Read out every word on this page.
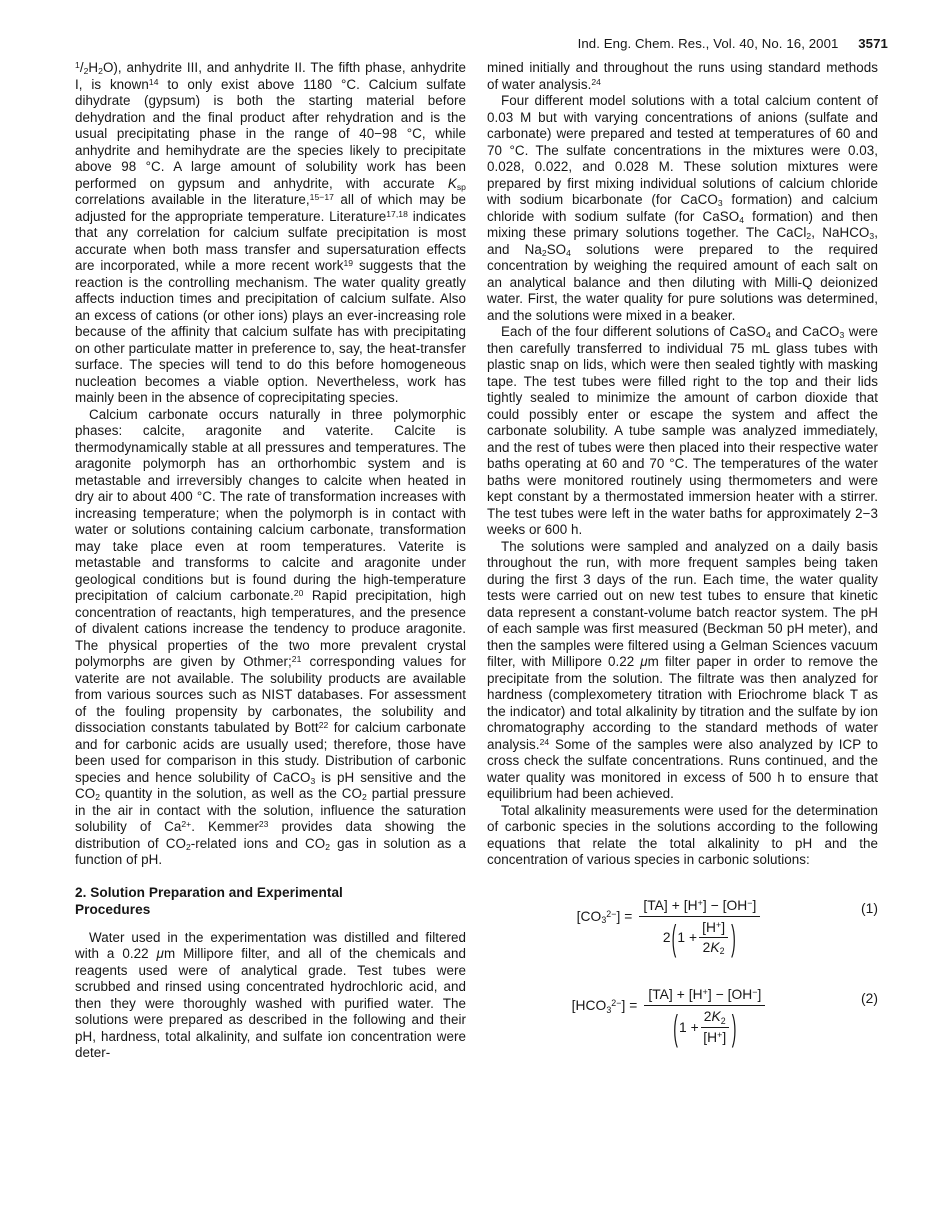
Ind. Eng. Chem. Res., Vol. 40, No. 16, 2001 3571

$^1/_2H_2O$), anhydrite III, and anhydrite II. The fifth phase, anhydrite I, is known$^{14}$ to only exist above 1180 °C. Calcium sulfate dihydrate (gypsum) is both the starting material before dehydration and the final product after rehydration and is the usual precipitating phase in the range of 40−98 °C, while anhydrite and hemihydrate are the species likely to precipitate above 98 °C. A large amount of solubility work has been performed on gypsum and anhydrite, with accurate $K_{sp}$ correlations available in the literature,$^{15-17}$ all of which may be adjusted for the appropriate temperature. Literature$^{17,18}$ indicates that any correlation for calcium sulfate precipitation is most accurate when both mass transfer and supersaturation effects are incorporated, while a more recent work$^{19}$ suggests that the reaction is the controlling mechanism. The water quality greatly affects induction times and precipitation of calcium sulfate. Also an excess of cations (or other ions) plays an ever-increasing role because of the affinity that calcium sulfate has with precipitating on other particulate matter in preference to, say, the heat-transfer surface. The species will tend to do this before homogeneous nucleation becomes a viable option. Nevertheless, work has mainly been in the absence of coprecipitating species.

Calcium carbonate occurs naturally in three polymorphic phases: calcite, aragonite and vaterite. Calcite is thermodynamically stable at all pressures and temperatures. The aragonite polymorph has an orthorhombic system and is metastable and irreversibly changes to calcite when heated in dry air to about 400 °C. The rate of transformation increases with increasing temperature; when the polymorph is in contact with water or solutions containing calcium carbonate, transformation may take place even at room temperatures. Vaterite is metastable and transforms to calcite and aragonite under geological conditions but is found during the high-temperature precipitation of calcium carbonate.$^{20}$ Rapid precipitation, high concentration of reactants, high temperatures, and the presence of divalent cations increase the tendency to produce aragonite. The physical properties of the two more prevalent crystal polymorphs are given by Othmer;$^{21}$ corresponding values for vaterite are not available. The solubility products are available from various sources such as NIST databases. For assessment of the fouling propensity by carbonates, the solubility and dissociation constants tabulated by Bott$^{22}$ for calcium carbonate and for carbonic acids are usually used; therefore, those have been used for comparison in this study. Distribution of carbonic species and hence solubility of CaCO$_3$ is pH sensitive and the $CO_2$ quantity in the solution, as well as the $CO_2$ partial pressure in the air in contact with the solution, influence the saturation solubility of $Ca^{2+}$. Kemmer$^{23}$ provides data showing the distribution of $CO_2$-related ions and $CO_2$ gas in solution as a function of pH.

2. Solution Preparation and Experimental Procedures

Water used in the experimentation was distilled and filtered with a 0.22 μm Millipore filter, and all of the chemicals and reagents used were of analytical grade. Test tubes were scrubbed and rinsed using concentrated hydrochloric acid, and then they were thoroughly washed with purified water. The solutions were prepared as described in the following and their pH, hardness, total alkalinity, and sulfate ion concentration were deter-

mined initially and throughout the runs using standard methods of water analysis.$^{24}$

Four different model solutions with a total calcium content of 0.03 M but with varying concentrations of anions (sulfate and carbonate) were prepared and tested at temperatures of 60 and 70 °C. The sulfate concentrations in the mixtures were 0.03, 0.028, 0.022, and 0.028 M. These solution mixtures were prepared by first mixing individual solutions of calcium chloride with sodium bicarbonate (for CaCO$_3$ formation) and calcium chloride with sodium sulfate (for CaSO$_4$ formation) and then mixing these primary solutions together. The CaCl$_2$, NaHCO$_3$, and $Na_2SO_4$ solutions were prepared to the required concentration by weighing the required amount of each salt on an analytical balance and then diluting with Milli-Q deionized water. First, the water quality for pure solutions was determined, and the solutions were mixed in a beaker.

Each of the four different solutions of CaSO$_4$ and CaCO$_3$ were then carefully transferred to individual 75 mL glass tubes with plastic snap on lids, which were then sealed tightly with masking tape. The test tubes were filled right to the top and their lids tightly sealed to minimize the amount of carbon dioxide that could possibly enter or escape the system and affect the carbonate solubility. A tube sample was analyzed immediately, and the rest of tubes were then placed into their respective water baths operating at 60 and 70 °C. The temperatures of the water baths were monitored routinely using thermometers and were kept constant by a thermostated immersion heater with a stirrer. The test tubes were left in the water baths for approximately 2−3 weeks or 600 h.

The solutions were sampled and analyzed on a daily basis throughout the run, with more frequent samples being taken during the first 3 days of the run. Each time, the water quality tests were carried out on new test tubes to ensure that kinetic data represent a constant-volume batch reactor system. The pH of each sample was first measured (Beckman 50 pH meter), and then the samples were filtered using a Gelman Sciences vacuum filter, with Millipore 0.22 μm filter paper in order to remove the precipitate from the solution. The filtrate was then analyzed for hardness (complexometery titration with Eriochrome black T as the indicator) and total alkalinity by titration and the sulfate by ion chromatography according to the standard methods of water analysis.$^{24}$ Some of the samples were also analyzed by ICP to cross check the sulfate concentrations. Runs continued, and the water quality was monitored in excess of 500 h to ensure that equilibrium had been achieved.

Total alkalinity measurements were used for the determination of carbonic species in the solutions according to the following equations that relate the total alkalinity to pH and the concentration of various species in carbonic solutions:

$[CO_3^{2-}]$ =
[TA] + [H+] − [OH−]
2 ( $1 + \frac{[H^+]}{2K_2}$ )
(1)
$[HCO_3^{2-}]$ =
[TA] + [H+] − [OH−]
( $1 + \frac{2K_2}{[H^+]}$ )
(2)
